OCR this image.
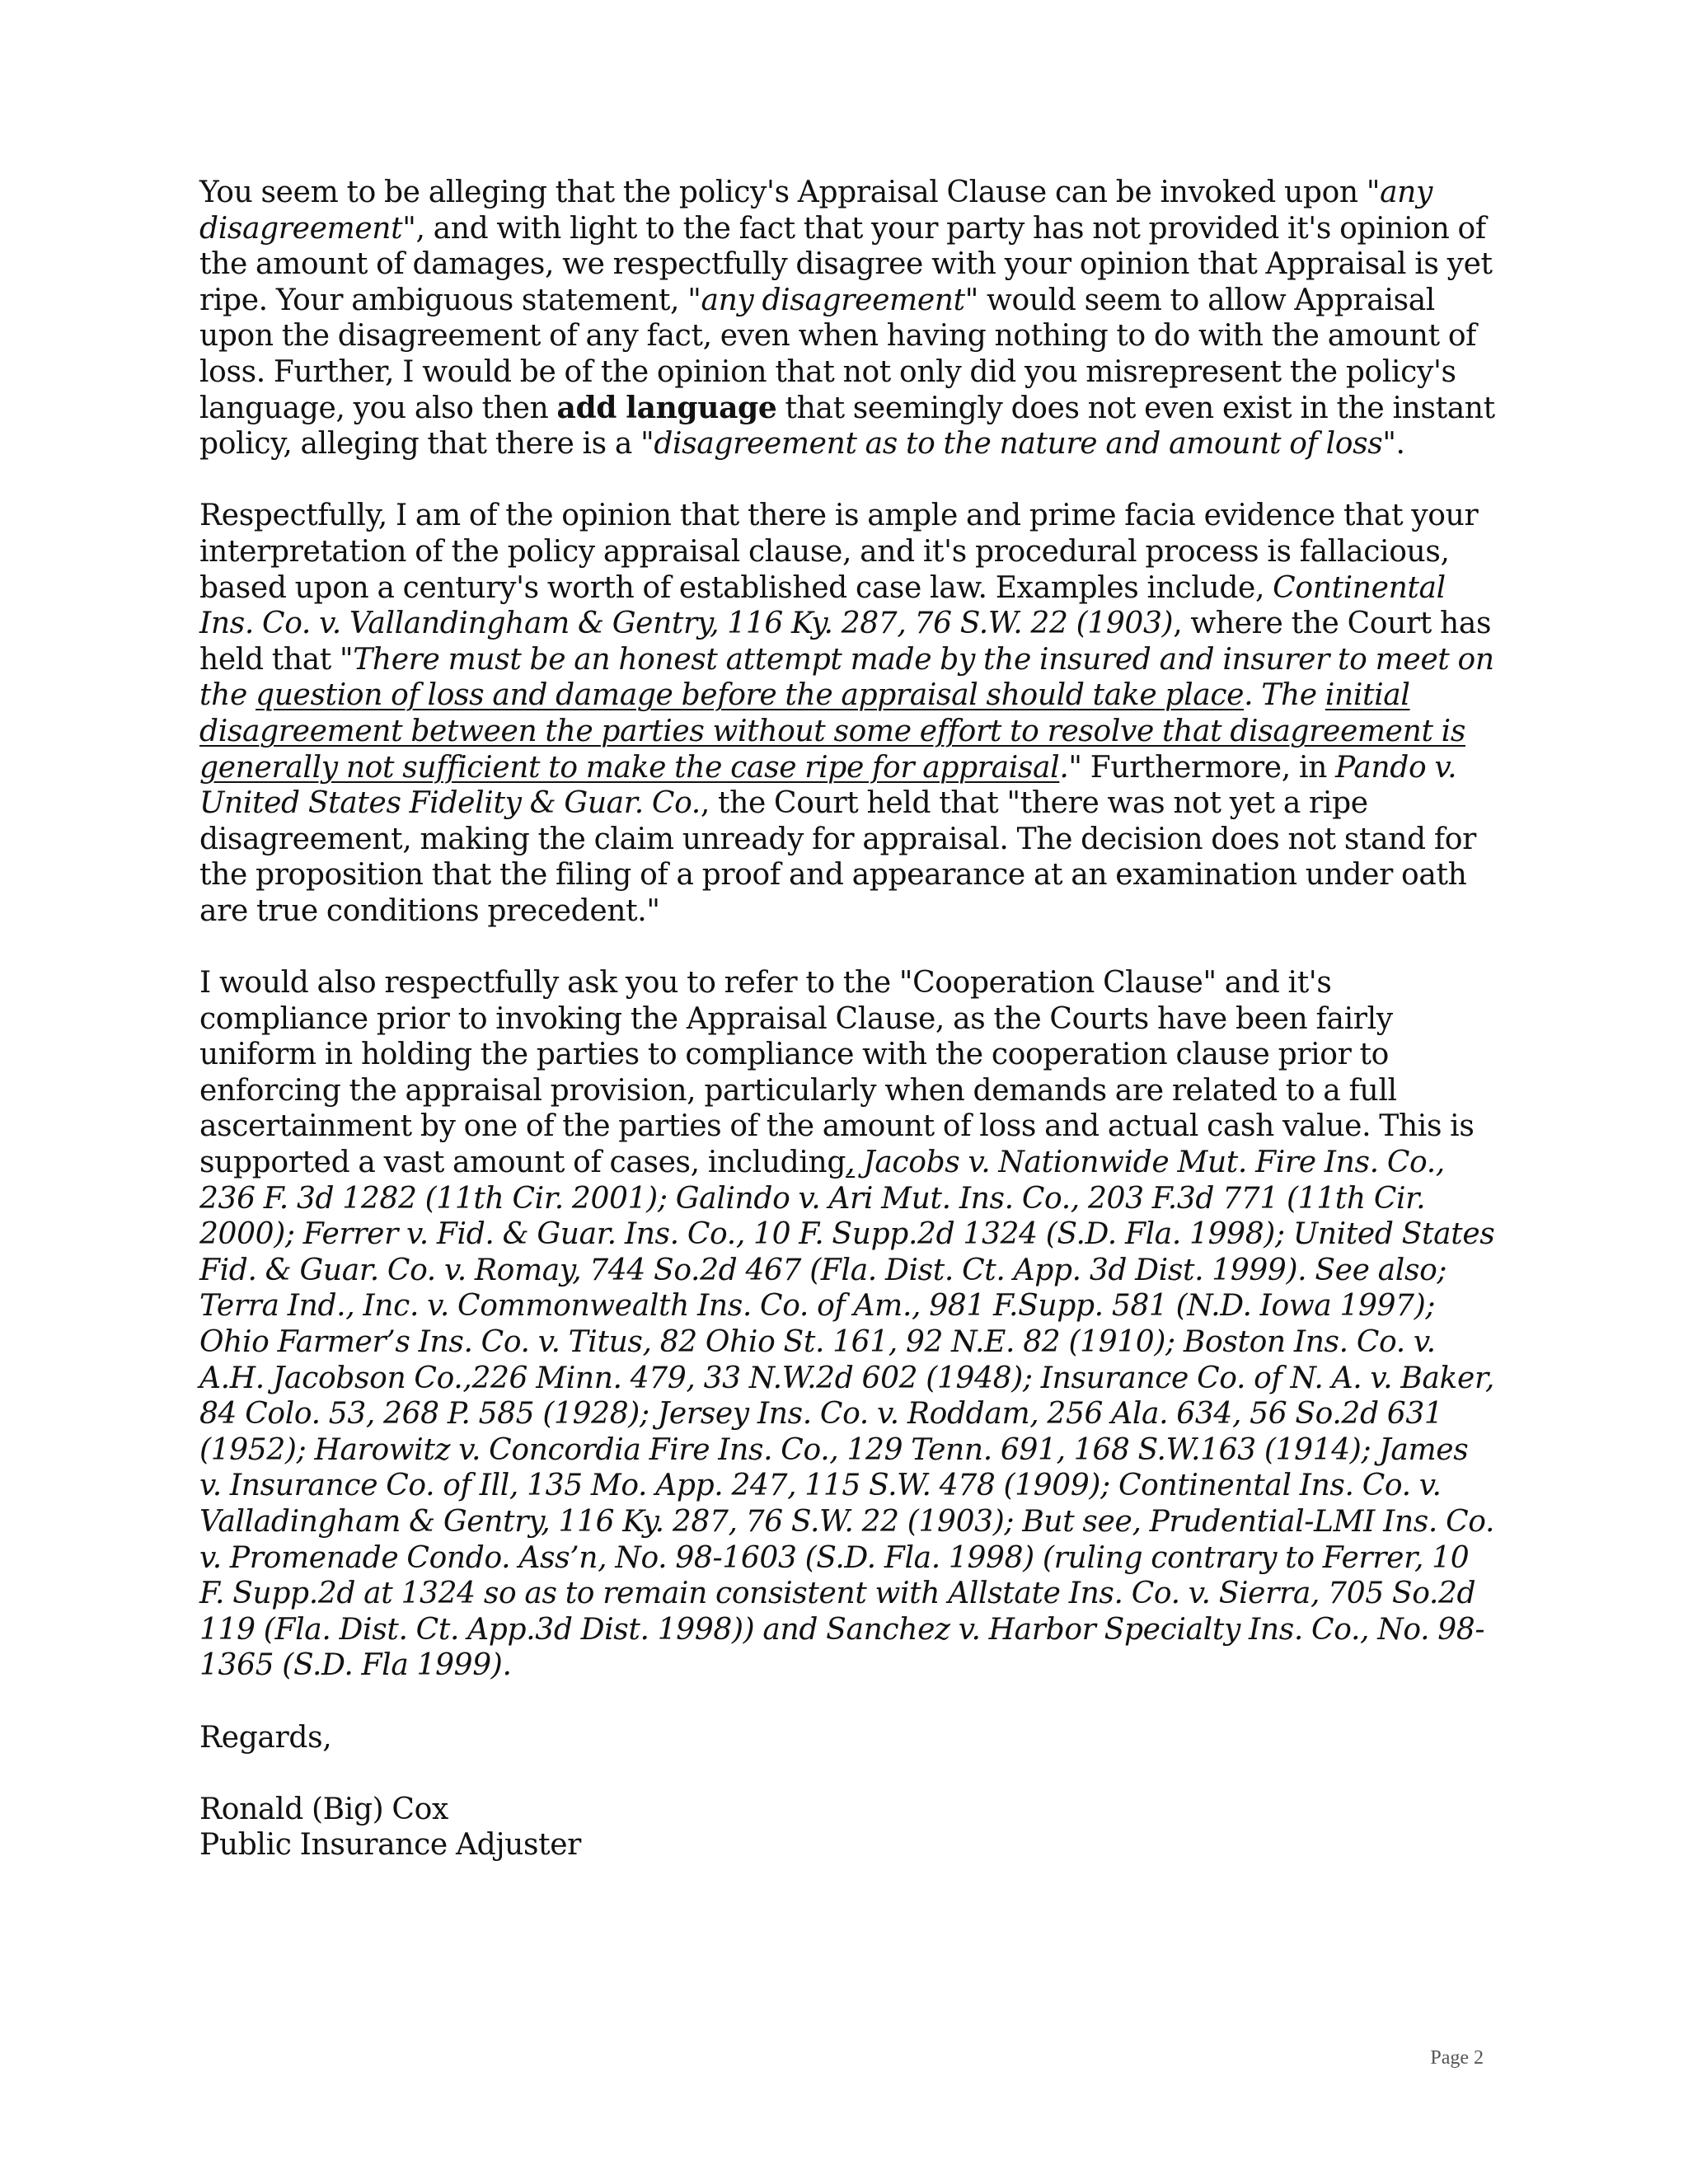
You seem to be alleging that the policy's Appraisal Clause can be invoked upon "any disagreement", and with light to the fact that your party has not provided it's opinion of the amount of damages, we respectfully disagree with your opinion that Appraisal is yet ripe. Your ambiguous statement, "any disagreement" would seem to allow Appraisal upon the disagreement of any fact, even when having nothing to do with the amount of loss. Further, I would be of the opinion that not only did you misrepresent the policy's language, you also then add language that seemingly does not even exist in the instant policy, alleging that there is a "disagreement as to the nature and amount of loss".

Respectfully, I am of the opinion that there is ample and prime facia evidence that your interpretation of the policy appraisal clause, and it's procedural process is fallacious, based upon a century's worth of established case law. Examples include, Continental Ins. Co. v. Vallandingham & Gentry, 116 Ky. 287, 76 S.W. 22 (1903), where the Court has held that "There must be an honest attempt made by the insured and insurer to meet on the question of loss and damage before the appraisal should take place. The initial disagreement between the parties without some effort to resolve that disagreement is generally not sufficient to make the case ripe for appraisal." Furthermore, in Pando v. United States Fidelity & Guar. Co., the Court held that "there was not yet a ripe disagreement, making the claim unready for appraisal. The decision does not stand for the proposition that the filing of a proof and appearance at an examination under oath are true conditions precedent."

I would also respectfully ask you to refer to the "Cooperation Clause" and it's compliance prior to invoking the Appraisal Clause, as the Courts have been fairly uniform in holding the parties to compliance with the cooperation clause prior to enforcing the appraisal provision, particularly when demands are related to a full ascertainment by one of the parties of the amount of loss and actual cash value. This is supported a vast amount of cases, including, Jacobs v. Nationwide Mut. Fire Ins. Co., 236 F. 3d 1282 (11th Cir. 2001); Galindo v. Ari Mut. Ins. Co., 203 F.3d 771 (11th Cir. 2000); Ferrer v. Fid. & Guar. Ins. Co., 10 F. Supp.2d 1324 (S.D. Fla. 1998); United States Fid. & Guar. Co. v. Romay, 744 So.2d 467 (Fla. Dist. Ct. App. 3d Dist. 1999). See also; Terra Ind., Inc. v. Commonwealth Ins. Co. of Am., 981 F.Supp. 581 (N.D. Iowa 1997); Ohio Farmer’s Ins. Co. v. Titus, 82 Ohio St. 161, 92 N.E. 82 (1910); Boston Ins. Co. v. A.H. Jacobson Co.,226 Minn. 479, 33 N.W.2d 602 (1948); Insurance Co. of N. A. v. Baker, 84 Colo. 53, 268 P. 585 (1928); Jersey Ins. Co. v. Roddam, 256 Ala. 634, 56 So.2d 631 (1952); Harowitz v. Concordia Fire Ins. Co., 129 Tenn. 691, 168 S.W.163 (1914); James v. Insurance Co. of Ill, 135 Mo. App. 247, 115 S.W. 478 (1909); Continental Ins. Co. v. Valladingham & Gentry, 116 Ky. 287, 76 S.W. 22 (1903); But see, Prudential-LMI Ins. Co. v. Promenade Condo. Ass’n, No. 98-1603 (S.D. Fla. 1998) (ruling contrary to Ferrer, 10 F. Supp.2d at 1324 so as to remain consistent with Allstate Ins. Co. v. Sierra, 705 So.2d 119 (Fla. Dist. Ct. App.3d Dist. 1998)) and Sanchez v. Harbor Specialty Ins. Co., No. 98-1365 (S.D. Fla 1999).

Regards,

Ronald (Big) Cox
Public Insurance Adjuster

Page 2
